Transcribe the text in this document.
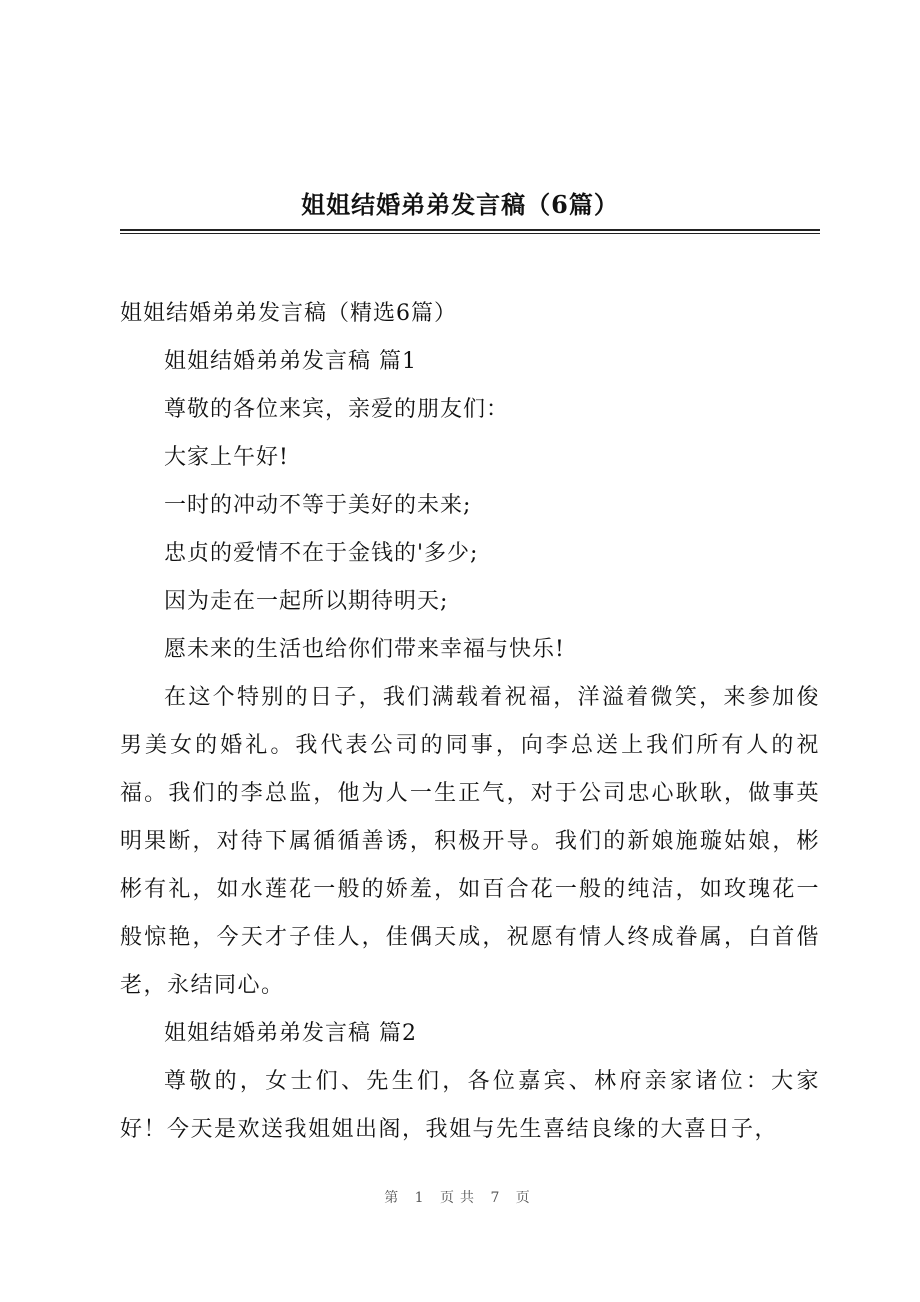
姐姐结婚弟弟发言稿（6篇）

姐姐结婚弟弟发言稿（精选6篇）

姐姐结婚弟弟发言稿 篇1

尊敬的各位来宾，亲爱的朋友们：

大家上午好!

一时的冲动不等于美好的未来;

忠贞的爱情不在于金钱的'多少;

因为走在一起所以期待明天;

愿未来的生活也给你们带来幸福与快乐!

在这个特别的日子，我们满载着祝福，洋溢着微笑，来参加俊男美女的婚礼。我代表公司的同事，向李总送上我们所有人的祝福。我们的李总监，他为人一生正气，对于公司忠心耿耿，做事英明果断，对待下属循循善诱，积极开导。我们的新娘施璇姑娘，彬彬有礼，如水莲花一般的娇羞，如百合花一般的纯洁，如玫瑰花一般惊艳，今天才子佳人，佳偶天成，祝愿有情人终成眷属，白首偕老，永结同心。

姐姐结婚弟弟发言稿 篇2

尊敬的，女士们、先生们，各位嘉宾、林府亲家诸位：大家好！今天是欢送我姐姐出阁，我姐与先生喜结良缘的大喜日子，

第 1 页共 7 页
